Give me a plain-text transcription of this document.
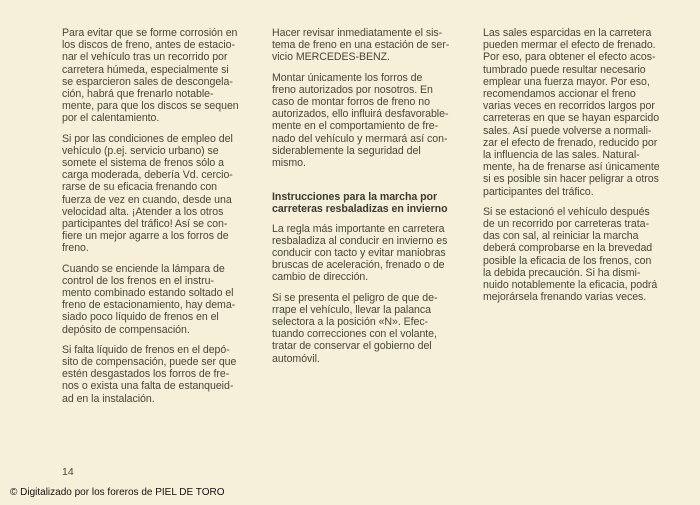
Para evitar que se forme corrosión en
los discos de freno, antes de estacio-
nar el vehículo tras un recorrido por
carretera húmeda, especialmente si
se esparcieron sales de descongela-
ción, habrá que frenarlo notable-
mente, para que los discos se sequen
por el calentamiento.

Si por las condiciones de empleo del
vehículo (p.ej. servicio urbano) se
somete el sistema de frenos sólo a
carga moderada, debería Vd. cercio-
rarse de su eficacia frenando con
fuerza de vez en cuando, desde una
velocidad alta. ¡Atender a los otros
participantes del tráfico! Así se con-
fiere un mejor agarre a los forros de
freno.

Cuando se enciende la lámpara de
control de los frenos en el instru-
mento combinado estando soltado el
freno de estacionamiento, hay dema-
siado poco líquido de frenos en el
depósito de compensación.

Si falta líquido de frenos en el depó-
sito de compensación, puede ser que
estén desgastados los forros de fre-
nos o exista una falta de estanqueid-
ad en la instalación.

Hacer revisar inmediatamente el sis-
tema de freno en una estación de ser-
vicio MERCEDES-BENZ.

Montar únicamente los forros de
freno autorizados por nosotros. En
caso de montar forros de freno no
autorizados, ello influirá desfavorable-
mente en el comportamiento de fre-
nado del vehículo y mermará así con-
siderablemente la seguridad del
mismo.

Instrucciones para la marcha por
carreteras resbaladizas en invierno

La regla más importante en carretera
resbaladiza al conducir en invierno es
conducir con tacto y evitar maniobras
bruscas de aceleración, frenado o de
cambio de dirección.

Si se presenta el peligro de que de-
rrape el vehículo, llevar la palanca
selectora a la posición «N». Efec-
tuando correcciones con el volante,
tratar de conservar el gobierno del
automóvil.

Las sales esparcidas en la carretera
pueden mermar el efecto de frenado.
Por eso, para obtener el efecto acos-
tumbrado puede resultar necesario
emplear una fuerza mayor. Por eso,
recomendamos accionar el freno
varias veces en recorridos largos por
carreteras en que se hayan esparcido
sales. Así puede volverse a normali-
zar el efecto de frenado, reducido por
la influencia de las sales. Natural-
mente, ha de frenarse así únicamente
si es posible sin hacer peligrar a otros
participantes del tráfico.

Si se estacionó el vehículo después
de un recorrido por carreteras trata-
das con sal, al reiniciar la marcha
deberá comprobarse en la brevedad
posible la eficacia de los frenos, con
la debida precaución. Si ha dismi-
nuido notablemente la eficacia, podrá
mejorársela frenando varias veces.

14
© Digitalizado por los foreros de PIEL DE TORO
